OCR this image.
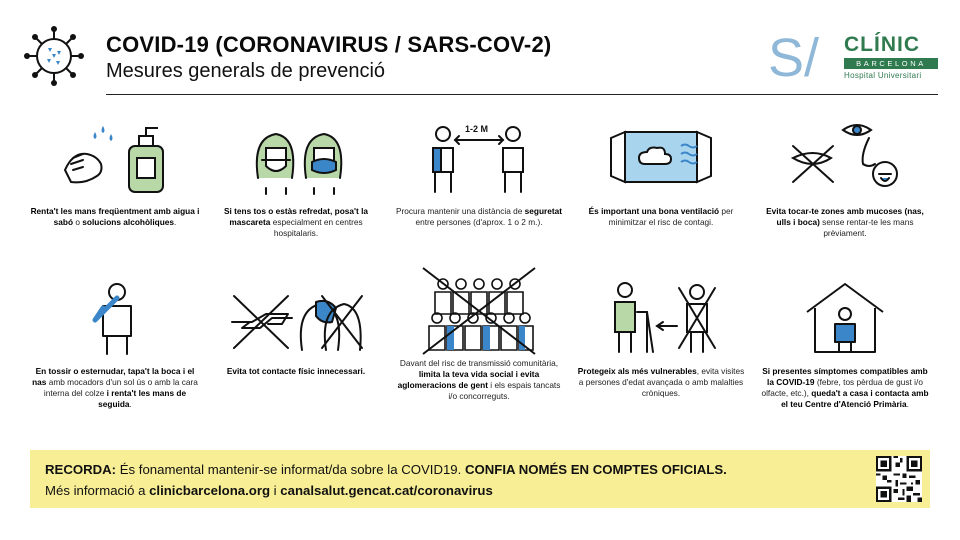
COVID-19 (CORONAVIRUS / SARS-COV-2)
Mesures generals de prevenció	S/ CLÍNIC
BARCELONA
Hospital Universitari
Renta't les mans freqüentment amb aigua i sabó o solucions alcohòliques.
Si tens tos o estàs refredat, posa't la mascareta especialment en centres hospitalaris.
1-2 M
Procura mantenir una distància de seguretat entre persones (d'aprox. 1 o 2 m.).
És important una bona ventilació per minimitzar el risc de contagi.
Evita tocar-te zones amb mucoses (nas, ulls i boca) sense rentar-te les mans prèviament.
En tossir o esternudar, tapa't la boca i el nas amb mocadors d'un sol ús o amb la cara interna del colze i renta't les mans de seguida.
Evita tot contacte físic innecessari.
Davant del risc de transmissió comunitària, limita la teva vida social i evita aglomeracions de gent i els espais tancats i/o concorreguts.
Protegeix als més vulnerables, evita visites a persones d'edat avançada o amb malalties cròniques.
Si presentes símptomes compatibles amb la COVID-19 (febre, tos pèrdua de gust i/o olfacte, etc.), queda't a casa i contacta amb el teu Centre d'Atenció Primària.
RECORDA: És fonamental mantenir-se informat/da sobre la COVID19. CONFIA NOMÉS EN COMPTES OFICIALS.
Més informació a clinicbarcelona.org i canalsalut.gencat.cat/coronavirus
